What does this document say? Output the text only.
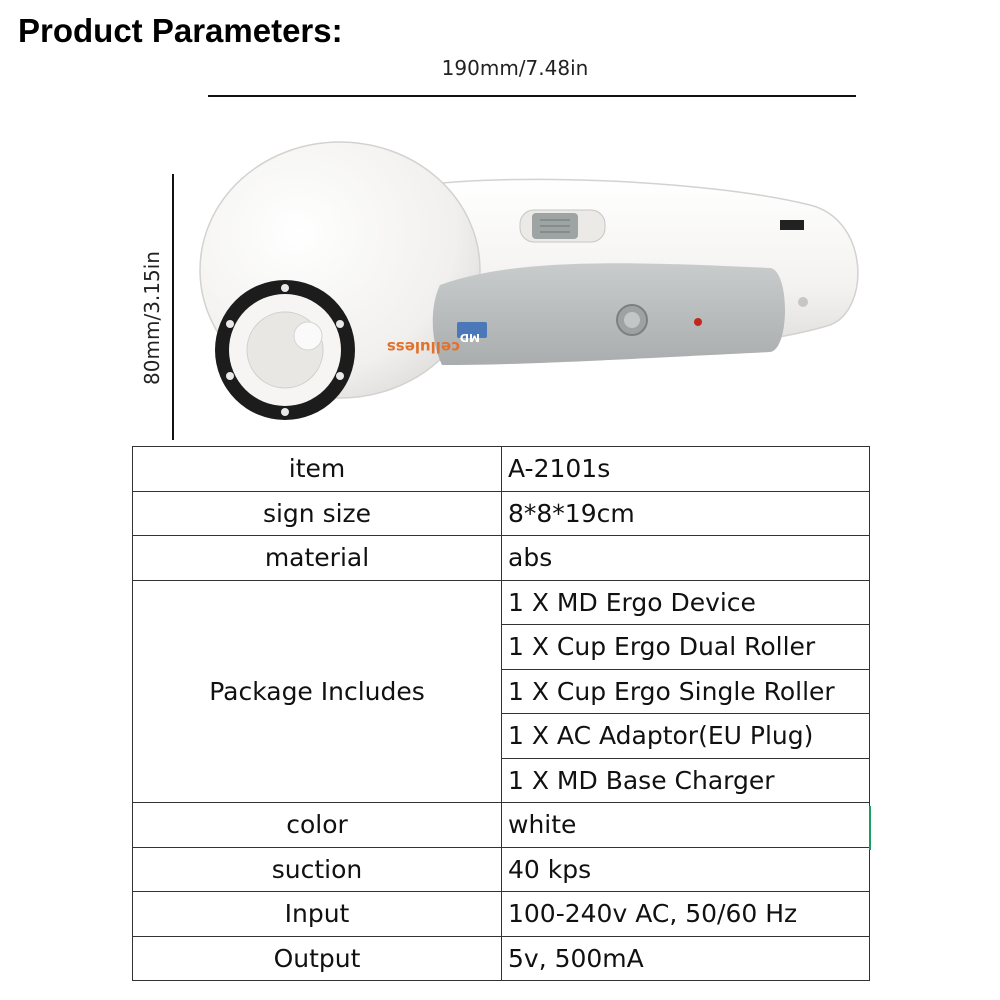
Product Parameters:
190mm/7.48in
80mm/3.15in	celluless
MD
item	A-2101s
sign size	8*8*19cm
material	abs
Package Includes	1 X MD Ergo Device
	1 X Cup Ergo Dual Roller
	1 X Cup Ergo Single Roller
	1 X AC Adaptor(EU Plug)
	1 X MD Base Charger
color	white
suction	40 kps
Input	100-240v AC, 50/60 Hz
Output	5v, 500mA
